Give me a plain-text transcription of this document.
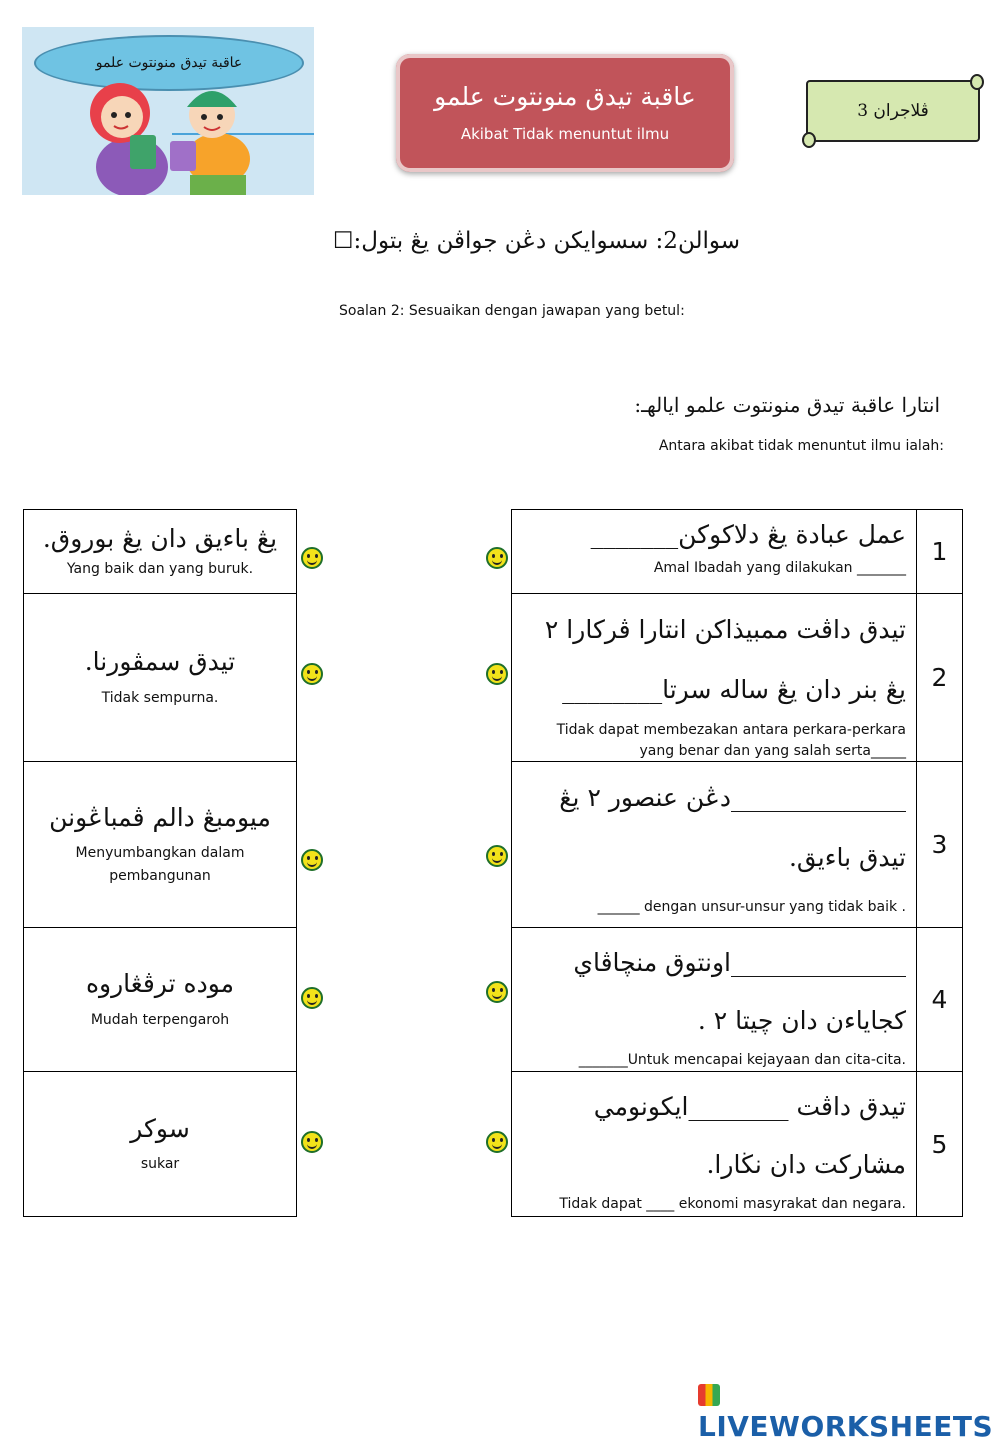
عاقبة تيدق منونتوت علمو
عاقبة تيدق منونتوت علمو
Akibat Tidak menuntut ilmu
ڤلاجران 3
سوالن2: سسوايكن دڠن جواڤن يڠ بتول:☐
Soalan 2: Sesuaikan dengan jawapan yang betul:
انتارا عاقبة تيدق منونتوت علمو ايالهـ:
Antara akibat tidak menuntut ilmu ialah:
يڠ باءيق دان يڠ بوروق.
Yang baik dan yang buruk.
تيدق سمڤورنا.
Tidak sempurna.
ميومبڠ دالم ڤمباڠونن
Menyumbangkan dalam pembangunan
موده ترڤڠاروه
Mudah terpengaroh
سوكر
sukar
عمل عبادة يڠ دلاكوكن_______
Amal Ibadah yang dilakukan _______
1
تيدق داڤت ممبيذاكن انتارا ڤركارا ٢ يڠ بنر دان يڠ ساله سرتا________
Tidak dapat membezakan antara perkara-perkara yang benar dan yang salah serta_____
2
______________دڠن عنصور ٢ يڠ تيدق باءيق.
______ dengan unsur-unsur yang tidak baik .
3
______________اونتوق منچاڤاي كجاياءن دان چيتا ٢ .
_______Untuk mencapai kejayaan dan cita-cita.
4
تيدق داڤت ________ايكونومي مشاركت دان نڬارا.
Tidak dapat ____ ekonomi masyrakat dan negara.
5
LIVEWORKSHEETS
